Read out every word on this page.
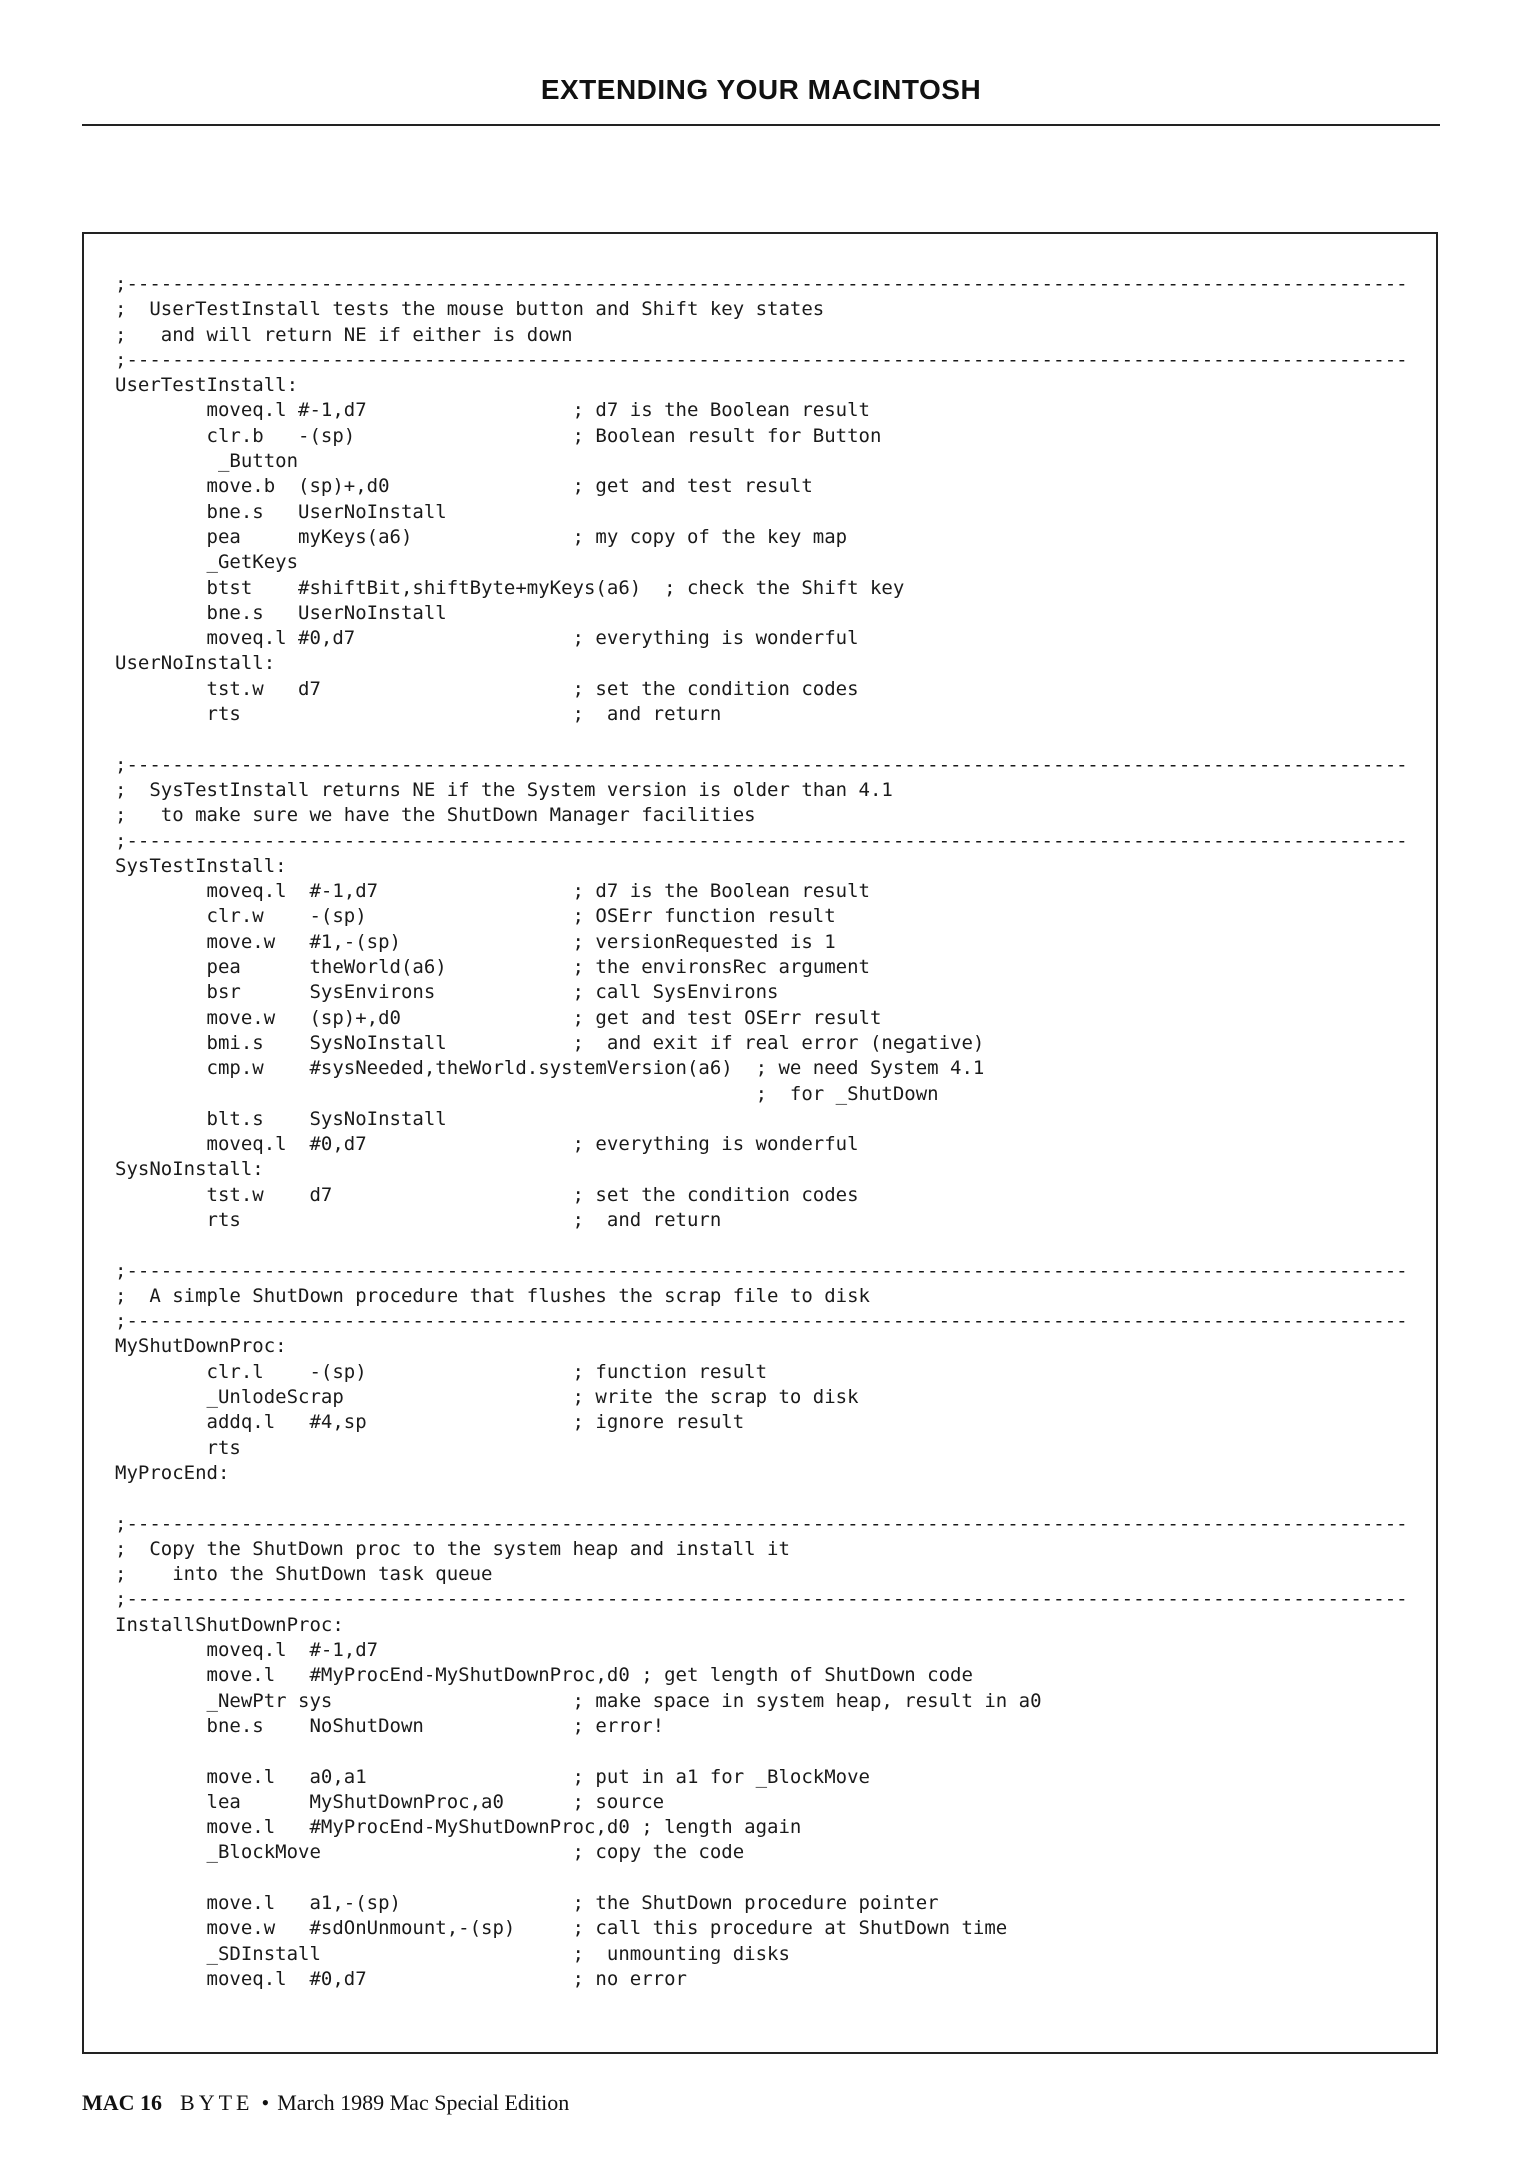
EXTENDING YOUR MACINTOSH
;----------------------------------------------------------------------------------------------------------------
;  UserTestInstall tests the mouse button and Shift key states
;   and will return NE if either is down
;----------------------------------------------------------------------------------------------------------------
UserTestInstall:
moveq.l #-1,d7                  ; d7 is the Boolean result
clr.b   -(sp)                   ; Boolean result for Button
_Button
move.b  (sp)+,d0                ; get and test result
bne.s   UserNoInstall
pea     myKeys(a6)              ; my copy of the key map
_GetKeys
btst    #shiftBit,shiftByte+myKeys(a6)  ; check the Shift key
bne.s   UserNoInstall
moveq.l #0,d7                   ; everything is wonderful
UserNoInstall:
tst.w   d7                      ; set the condition codes
rts                             ;  and return
;----------------------------------------------------------------------------------------------------------------
;  SysTestInstall returns NE if the System version is older than 4.1
;   to make sure we have the ShutDown Manager facilities
;----------------------------------------------------------------------------------------------------------------
SysTestInstall:
moveq.l  #-1,d7                 ; d7 is the Boolean result
clr.w    -(sp)                  ; OSErr function result
move.w   #1,-(sp)               ; versionRequested is 1
pea      theWorld(a6)           ; the environsRec argument
bsr      SysEnvirons            ; call SysEnvirons
move.w   (sp)+,d0               ; get and test OSErr result
bmi.s    SysNoInstall           ;  and exit if real error (negative)
cmp.w    #sysNeeded,theWorld.systemVersion(a6)  ; we need System 4.1
;  for _ShutDown
blt.s    SysNoInstall
moveq.l  #0,d7                  ; everything is wonderful
SysNoInstall:
tst.w    d7                     ; set the condition codes
rts                             ;  and return
;----------------------------------------------------------------------------------------------------------------
;  A simple ShutDown procedure that flushes the scrap file to disk
;----------------------------------------------------------------------------------------------------------------
MyShutDownProc:
clr.l    -(sp)                  ; function result
_UnlodeScrap                    ; write the scrap to disk
addq.l   #4,sp                  ; ignore result
rts
MyProcEnd:
;----------------------------------------------------------------------------------------------------------------
;  Copy the ShutDown proc to the system heap and install it
;    into the ShutDown task queue
;----------------------------------------------------------------------------------------------------------------
InstallShutDownProc:
moveq.l  #-1,d7
move.l   #MyProcEnd-MyShutDownProc,d0 ; get length of ShutDown code
_NewPtr sys                     ; make space in system heap, result in a0
bne.s    NoShutDown             ; error!
move.l   a0,a1                  ; put in a1 for _BlockMove
lea      MyShutDownProc,a0      ; source
move.l   #MyProcEnd-MyShutDownProc,d0 ; length again
_BlockMove                      ; copy the code
move.l   a1,-(sp)               ; the ShutDown procedure pointer
move.w   #sdOnUnmount,-(sp)     ; call this procedure at ShutDown time
_SDInstall                      ;  unmounting disks
moveq.l  #0,d7                  ; no error
MAC 16 BYTE • March 1989 Mac Special Edition
